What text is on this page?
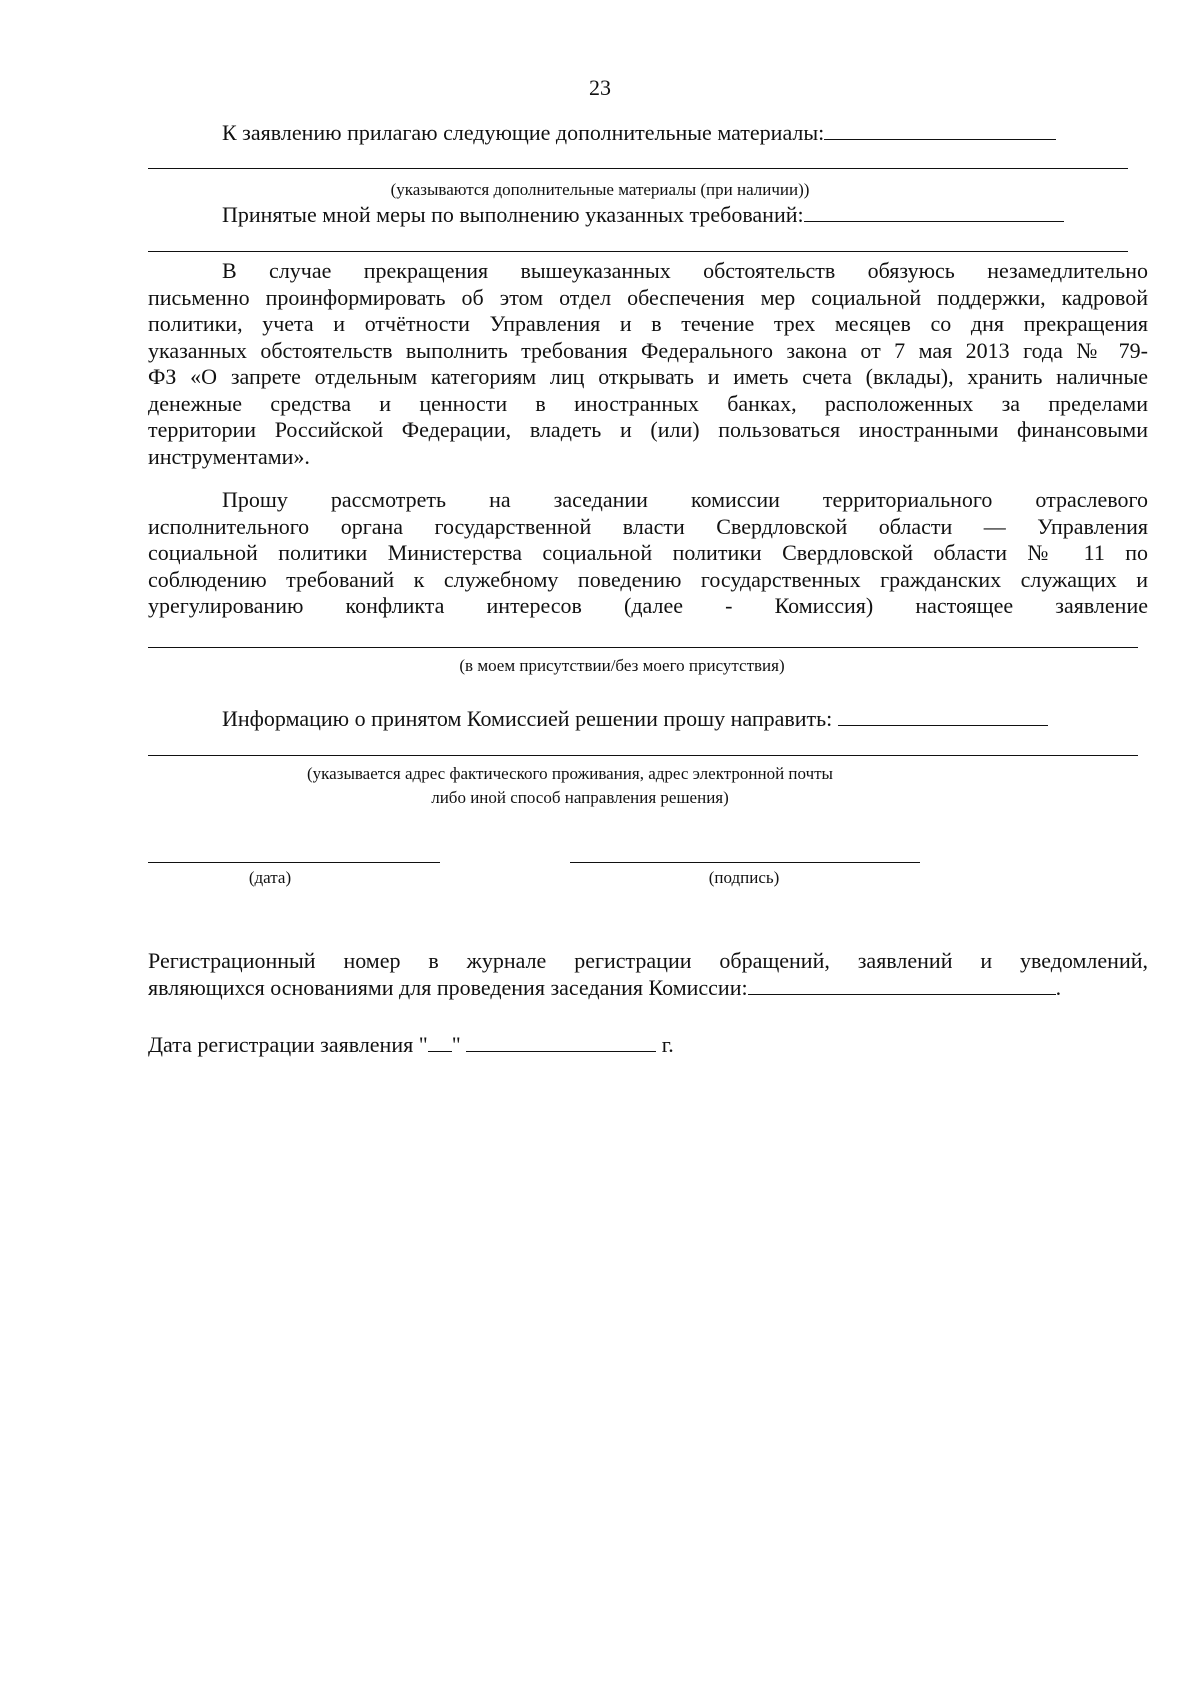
23
К заявлению прилагаю следующие дополнительные материалы:
(указываются дополнительные материалы (при наличии))
Принятые мной меры по выполнению указанных требований:
В случае прекращения вышеуказанных обстоятельств обязуюсь незамедлительно
письменно проинформировать об этом отдел обеспечения мер социальной поддержки, кадровой
политики, учета и отчётности Управления и в течение трех месяцев со дня прекращения
указанных обстоятельств выполнить требования Федерального закона от 7 мая 2013 года № 79-
ФЗ «О запрете отдельным категориям лиц открывать и иметь счета (вклады), хранить наличные
денежные средства и ценности в иностранных банках, расположенных за пределами
территории Российской Федерации, владеть и (или) пользоваться иностранными финансовыми
инструментами».
Прошу рассмотреть на заседании комиссии территориального отраслевого
исполнительного органа государственной власти Свердловской области — Управления
социальной политики Министерства социальной политики Свердловской области № 11 по
соблюдению требований к служебному поведению государственных гражданских служащих и
урегулированию конфликта интересов (далее - Комиссия) настоящее заявление
(в моем присутствии/без моего присутствия)
Информацию о принятом Комиссией решении прошу направить:
(указывается адрес фактического проживания, адрес электронной почты
либо иной способ направления решения)
(дата)	(подпись)
Регистрационный номер в журнале регистрации обращений, заявлений и уведомлений,
являющихся основаниями для проведения заседания Комиссии:	.
Дата регистрации заявления " "	г.
